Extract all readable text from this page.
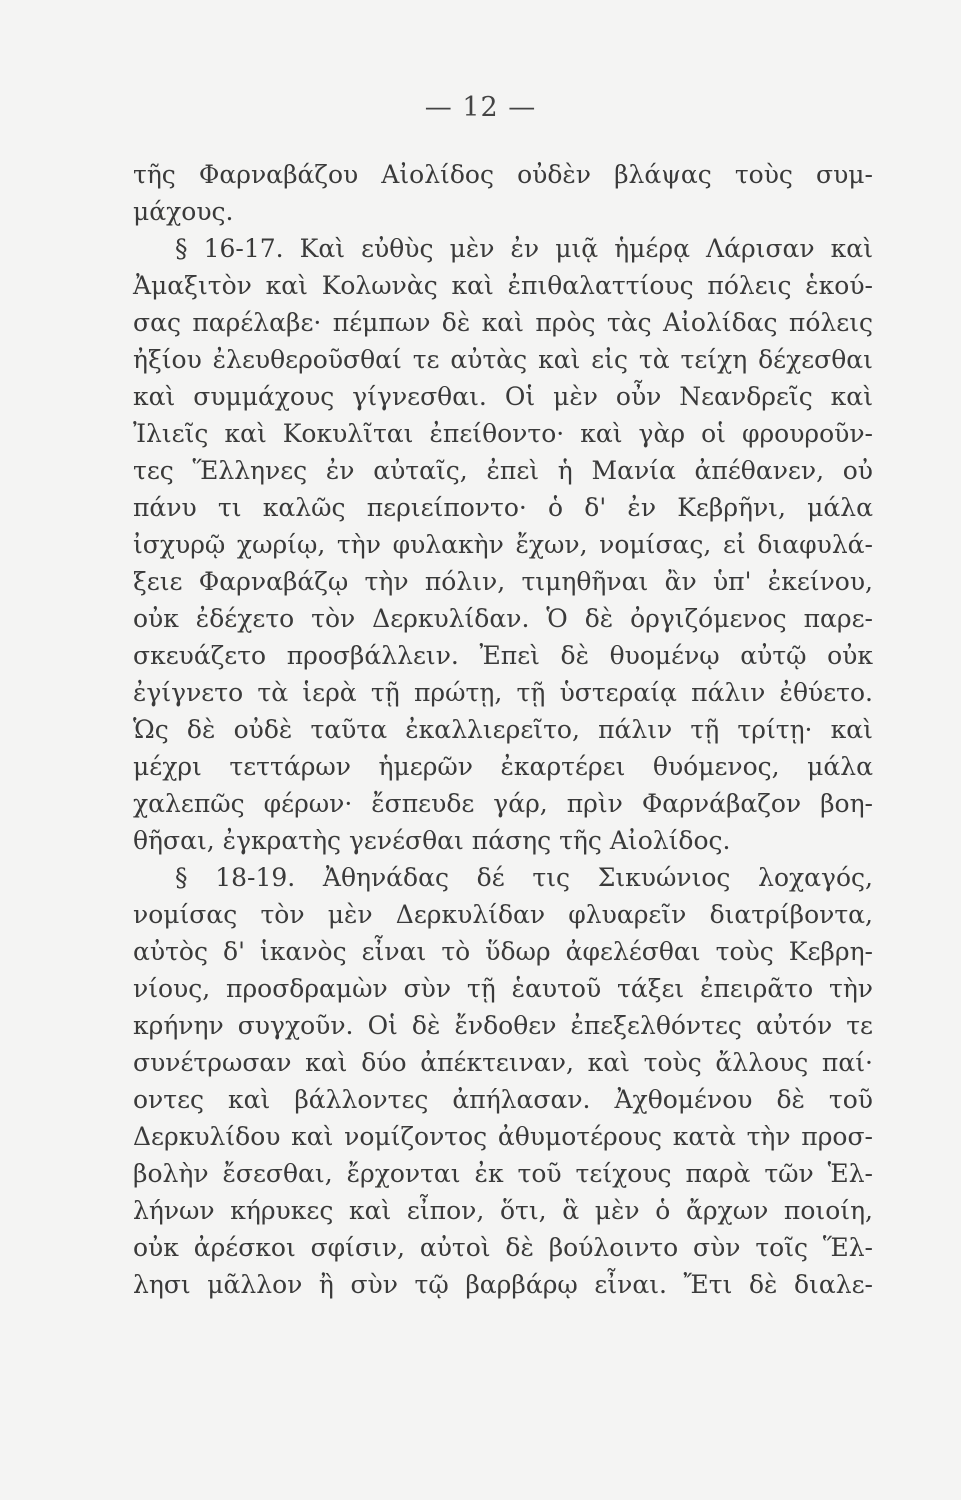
— 12 —
τῆς Φαρναβάζου Αἰολίδος οὐδὲν βλάψας τοὺς συμ-
μάχους.
§ 16-17. Καὶ εὐθὺς μὲν ἐν μιᾷ ἡμέρᾳ Λάρισαν καὶ
Ἀμαξιτὸν καὶ Κολωνὰς καὶ ἐπιθαλαττίους πόλεις ἑκού-
σας παρέλαβε· πέμπων δὲ καὶ πρὸς τὰς Αἰολίδας πόλεις
ἠξίου ἐλευθεροῦσθαί τε αὐτὰς καὶ εἰς τὰ τείχη δέχεσθαι
καὶ συμμάχους γίγνεσθαι. Οἱ μὲν οὖν Νεανδρεῖς καὶ
Ἰλιεῖς καὶ Κοκυλῖται ἐπείθοντο· καὶ γὰρ οἱ φρουροῦν-
τες Ἕλληνες ἐν αὐταῖς, ἐπεὶ ἡ Μανία ἀπέθανεν, οὐ
πάνυ τι καλῶς περιείποντο· ὁ δ' ἐν Κεβρῆνι, μάλα
ἰσχυρῷ χωρίῳ, τὴν φυλακὴν ἔχων, νομίσας, εἰ διαφυλά-
ξειε Φαρναβάζῳ τὴν πόλιν, τιμηθῆναι ἂν ὑπ' ἐκείνου,
οὐκ ἐδέχετο τὸν Δερκυλίδαν. Ὁ δὲ ὀργιζόμενος παρε-
σκευάζετο προσβάλλειν. Ἐπεὶ δὲ θυομένῳ αὐτῷ οὐκ
ἐγίγνετο τὰ ἱερὰ τῇ πρώτῃ, τῇ ὑστεραίᾳ πάλιν ἐθύετο.
Ὡς δὲ οὐδὲ ταῦτα ἐκαλλιερεῖτο, πάλιν τῇ τρίτῃ· καὶ
μέχρι τεττάρων ἡμερῶν ἐκαρτέρει θυόμενος, μάλα
χαλεπῶς φέρων· ἔσπευδε γάρ, πρὶν Φαρνάβαζον βοη-
θῆσαι, ἐγκρατὴς γενέσθαι πάσης τῆς Αἰολίδος.
§ 18-19. Ἀθηνάδας δέ τις Σικυώνιος λοχαγός,
νομίσας τὸν μὲν Δερκυλίδαν φλυαρεῖν διατρίβοντα,
αὐτὸς δ' ἱκανὸς εἶναι τὸ ὕδωρ ἀφελέσθαι τοὺς Κεβρη-
νίους, προσδραμὼν σὺν τῇ ἑαυτοῦ τάξει ἐπειρᾶτο τὴν
κρήνην συγχοῦν. Οἱ δὲ ἔνδοθεν ἐπεξελθόντες αὐτόν τε
συνέτρωσαν καὶ δύο ἀπέκτειναν, καὶ τοὺς ἄλλους παί·
οντες καὶ βάλλοντες ἀπήλασαν. Ἀχθομένου δὲ τοῦ
Δερκυλίδου καὶ νομίζοντος ἀθυμοτέρους κατὰ τὴν προσ-
βολὴν ἔσεσθαι, ἔρχονται ἐκ τοῦ τείχους παρὰ τῶν Ἑλ-
λήνων κήρυκες καὶ εἶπον, ὅτι, ἃ μὲν ὁ ἄρχων ποιοίη,
οὐκ ἀρέσκοι σφίσιν, αὐτοὶ δὲ βούλοιντο σὺν τοῖς Ἕλ-
λησι μᾶλλον ἢ σὺν τῷ βαρβάρῳ εἶναι. Ἔτι δὲ διαλε-
